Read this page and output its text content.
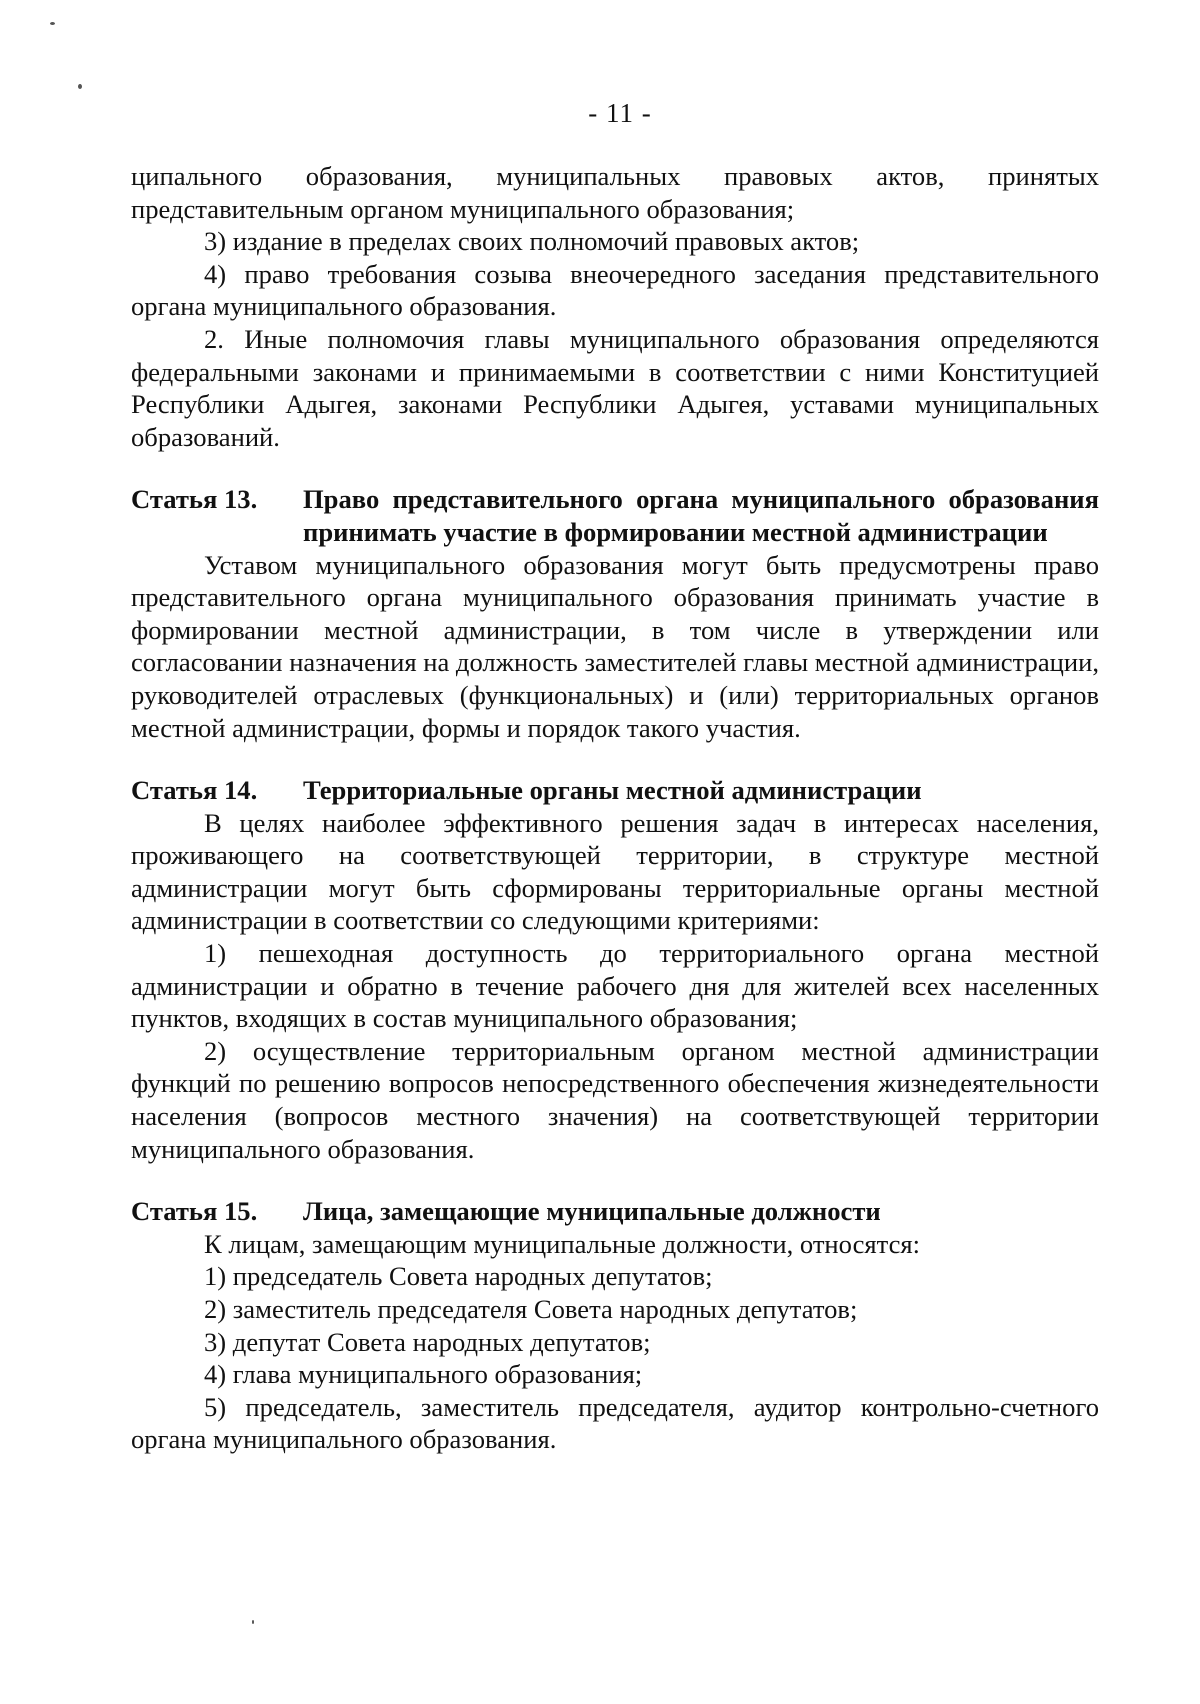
- 11 -

ципального образования, муниципальных правовых актов, принятых представительным органом муниципального образования;

3) издание в пределах своих полномочий правовых актов;

4) право требования созыва внеочередного заседания представительного органа муниципального образования.

2. Иные полномочия главы муниципального образования определяются федеральными законами и принимаемыми в соответствии с ними Конституцией Республики Адыгея, законами Республики Адыгея, уставами муниципальных образований.

Статья 13.	Право представительного органа муниципального образования принимать участие в формировании местной администрации

Уставом муниципального образования могут быть предусмотрены право представительного органа муниципального образования принимать участие в формировании местной администрации, в том числе в утверждении или согласовании назначения на должность заместителей главы местной администрации, руководителей отраслевых (функциональных) и (или) территориальных органов местной администрации, формы и порядок такого участия.

Статья 14.	Территориальные органы местной администрации

В целях наиболее эффективного решения задач в интересах населения, проживающего на соответствующей территории, в структуре местной администрации могут быть сформированы территориальные органы местной администрации в соответствии со следующими критериями:

1) пешеходная доступность до территориального органа местной администрации и обратно в течение рабочего дня для жителей всех населенных пунктов, входящих в состав муниципального образования;

2) осуществление территориальным органом местной администрации функций по решению вопросов непосредственного обеспечения жизнедеятельности населения (вопросов местного значения) на соответствующей территории муниципального образования.

Статья 15.	Лица, замещающие муниципальные должности

К лицам, замещающим муниципальные должности, относятся:

1) председатель Совета народных депутатов;

2) заместитель председателя Совета народных депутатов;

3) депутат Совета народных депутатов;

4) глава муниципального образования;

5) председатель, заместитель председателя, аудитор контрольно-счетного органа муниципального образования.
